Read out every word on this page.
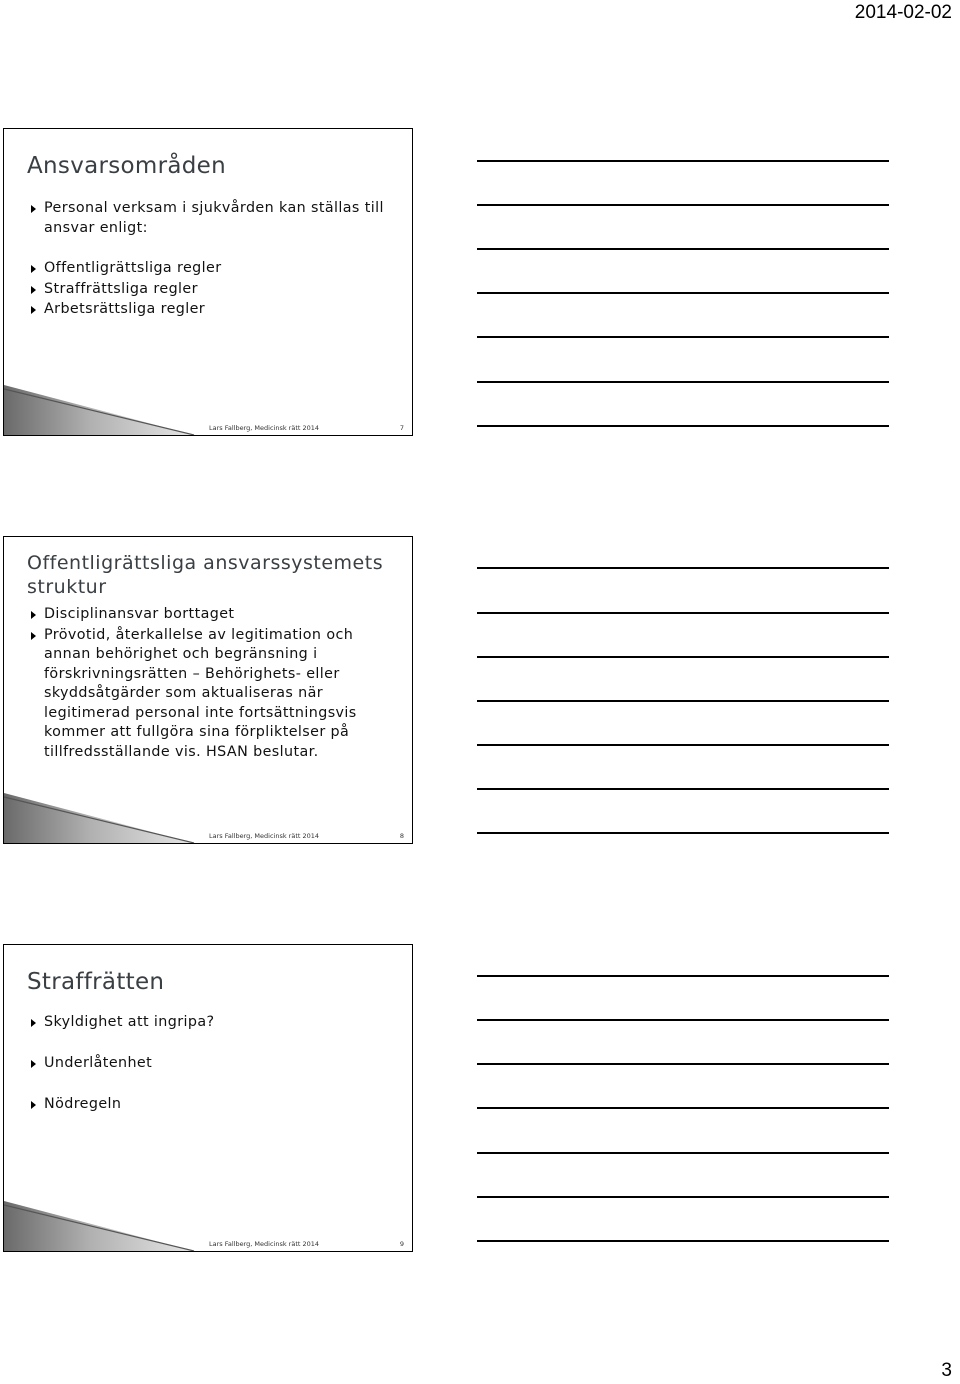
2014-02-02
Ansvarsområden
Personal verksam i sjukvården kan ställas till ansvar enligt:
Offentligrättsliga regler
Straffrättsliga regler
Arbetsrättsliga regler
Lars Fallberg, Medicinsk rätt 2014	7
Offentligrättsliga ansvarssystemets struktur
Disciplinansvar borttaget
Prövotid, återkallelse av legitimation och annan behörighet och begränsning i förskrivningsrätten – Behörighets- eller skyddsåtgärder som aktualiseras när legitimerad personal inte fortsättningsvis kommer att fullgöra sina förpliktelser på tillfredsställande vis. HSAN beslutar.
Lars Fallberg, Medicinsk rätt 2014	8
Straffrätten
Skyldighet att ingripa?
Underlåtenhet
Nödregeln
Lars Fallberg, Medicinsk rätt 2014	9
3
